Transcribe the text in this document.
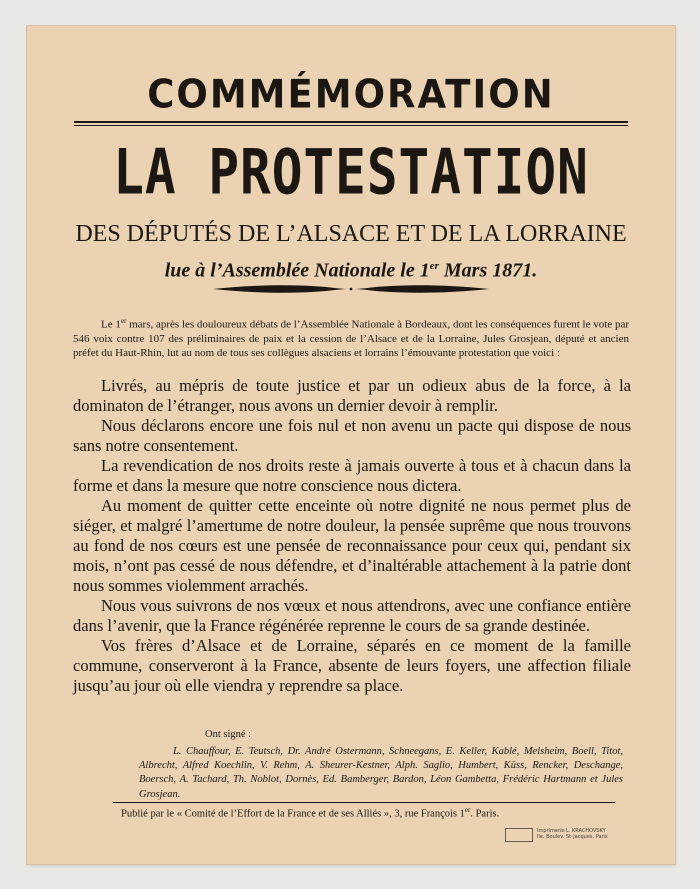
COMMÉMORATION
LA PROTESTATION

DES DÉPUTÉS DE L’ALSACE ET DE LA LORRAINE

lue à l’Assemblée Nationale le 1er Mars 1871.

Le 1er mars, après les douloureux débats de l’Assemblée Nationale à Bordeaux, dont les conséquences furent le vote par 546 voix contre 107 des préliminaires de paix et la cession de l’Alsace et de la Lorraine, Jules Grosjean, député et ancien préfet du Haut-Rhin, lut au nom de tous ses collègues alsaciens et lorrains l’émouvante protestation que voici :

Livrés, au mépris de toute justice et par un odieux abus de la force, à la dominaton de l’étranger, nous avons un dernier devoir à remplir.

Nous déclarons encore une fois nul et non avenu un pacte qui dispose de nous sans notre consentement.

La revendication de nos droits reste à jamais ouverte à tous et à chacun dans la forme et dans la mesure que notre conscience nous dictera.

Au moment de quitter cette enceinte où notre dignité ne nous permet plus de siéger, et malgré l’amertume de notre douleur, la pensée suprême que nous trouvons au fond de nos cœurs est une pensée de reconnaissance pour ceux qui, pendant six mois, n’ont pas cessé de nous défendre, et d’inaltérable attachement à la patrie dont nous sommes violemment arrachés.

Nous vous suivrons de nos vœux et nous attendrons, avec une confiance entière dans l’avenir, que la France régénérée reprenne le cours de sa grande destinée.

Vos frères d’Alsace et de Lorraine, séparés en ce moment de la famille commune, conserveront à la France, absente de leurs foyers, une affection filiale jusqu’au jour où elle viendra y reprendre sa place.

Ont signé :

L. Chauffour, E. Teutsch, Dr. André Ostermann, Schneegans, E. Keller, Kablé, Melsheim, Boell, Titot, Albrecht, Alfred Koechlin, V. Rehm, A. Sheurer-Kestner, Alph. Saglio, Humbert, Küss, Rencker, Deschange, Boersch, A. Tachard, Th. Noblot, Dornès, Ed. Bamberger, Bardon, Léon Gambetta, Frédéric Hartmann et Jules Grosjean.

Publié par le « Comité de l’Effort de la France et de ses Alliés », 3, rue François 1er. Paris.

Imprimerie L. KRACHOVSKY
Ile, Boulev. St-Jacques, Paris
